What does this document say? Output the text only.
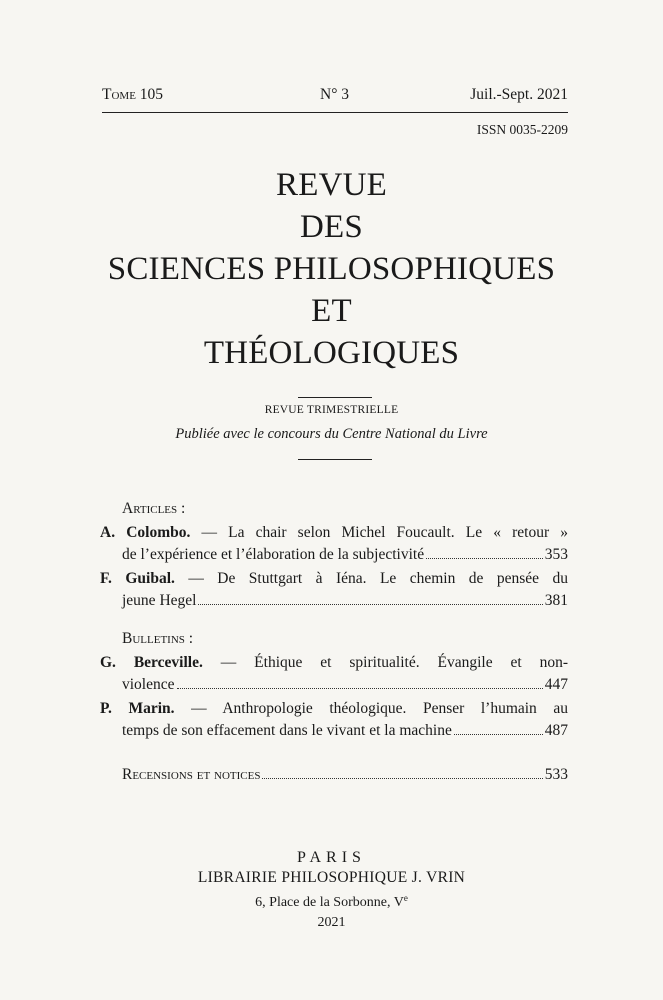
Tome 105	N° 3	Juil.-Sept. 2021
ISSN 0035-2209
REVUE
DES
SCIENCES PHILOSOPHIQUES
ET
THÉOLOGIQUES
REVUE TRIMESTRIELLE
Publiée avec le concours du Centre National du Livre
Articles :
A. Colombo. — La chair selon Michel Foucault. Le « retour »
de l’expérience et l’élaboration de la subjectivité	353
F. Guibal. — De Stuttgart à Iéna. Le chemin de pensée du
jeune Hegel	381
Bulletins :
G. Berceville. — Éthique et spiritualité. Évangile et non-
violence	447
P. Marin. — Anthropologie théologique. Penser l’humain au
temps de son effacement dans le vivant et la machine	487
Recensions et notices	533
PARIS
LIBRAIRIE PHILOSOPHIQUE J. VRIN
6, Place de la Sorbonne, Ve
2021
